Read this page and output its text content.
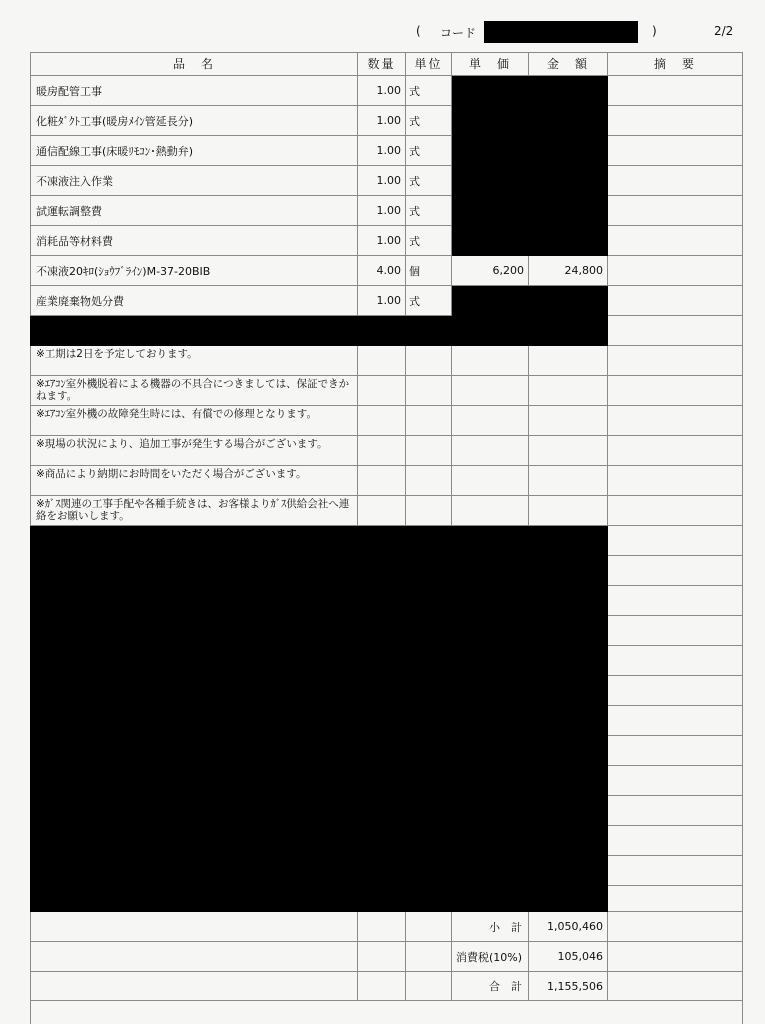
( コード	)	2/2
品　名	数量	単位	単　価	金　額	摘　要
暖房配管工事	1.00 式
化粧ﾀﾞｸﾄ工事(暖房ﾒｲﾝ管延長分)	1.00 式
通信配線工事(床暖ﾘﾓｺﾝ･熱動弁)	1.00 式
不凍液注入作業	1.00 式
試運転調整費	1.00 式
消耗品等材料費	1.00 式
不凍液20ｷﾛ(ｼｮｳﾌﾞﾗｲﾝ)M-37-20BIB	4.00 個	6,200	24,800
産業廃棄物処分費	1.00 式
※工期は2日を予定しております。
※ｴｱｺﾝ室外機脱着による機器の不具合につきましては、保証できかねます。
※ｴｱｺﾝ室外機の故障発生時には、有償での修理となります。
※現場の状況により、追加工事が発生する場合がございます。
※商品により納期にお時間をいただく場合がございます。
※ｶﾞｽ関連の工事手配や各種手続きは、お客様よりｶﾞｽ供給会社へ連絡をお願いします。
小　計	1,050,460
消費税(10%)	105,046
合　計	1,155,506
